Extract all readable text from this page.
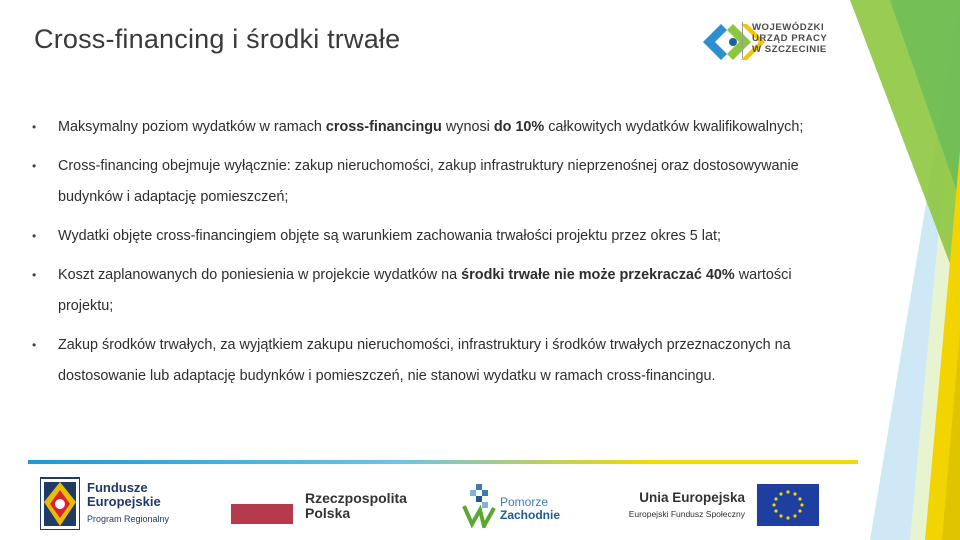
Cross-financing i środki trwałe	WOJEWÓDZKI
URZĄD PRACY
W SZCZECINIE
• Maksymalny poziom wydatków w ramach cross-financingu wynosi do 10% całkowitych wydatków kwalifikowalnych;
• Cross-financing obejmuje wyłącznie: zakup nieruchomości, zakup infrastruktury nieprzenośnej oraz dostosowywanie budynków i adaptację pomieszczeń;
• Wydatki objęte cross-financingiem objęte są warunkiem zachowania trwałości projektu przez okres 5 lat;
• Koszt zaplanowanych do poniesienia w projekcie wydatków na środki trwałe nie może przekraczać 40% wartości projektu;
• Zakup środków trwałych, za wyjątkiem zakupu nieruchomości, infrastruktury i środków trwałych przeznaczonych na dostosowanie lub adaptację budynków i pomieszczeń, nie stanowi wydatku w ramach cross-financingu.
Fundusze
Europejskie
Program Regionalny
Rzeczpospolita
Polska
Pomorze
Zachodnie
Unia Europejska
Europejski Fundusz Społeczny
